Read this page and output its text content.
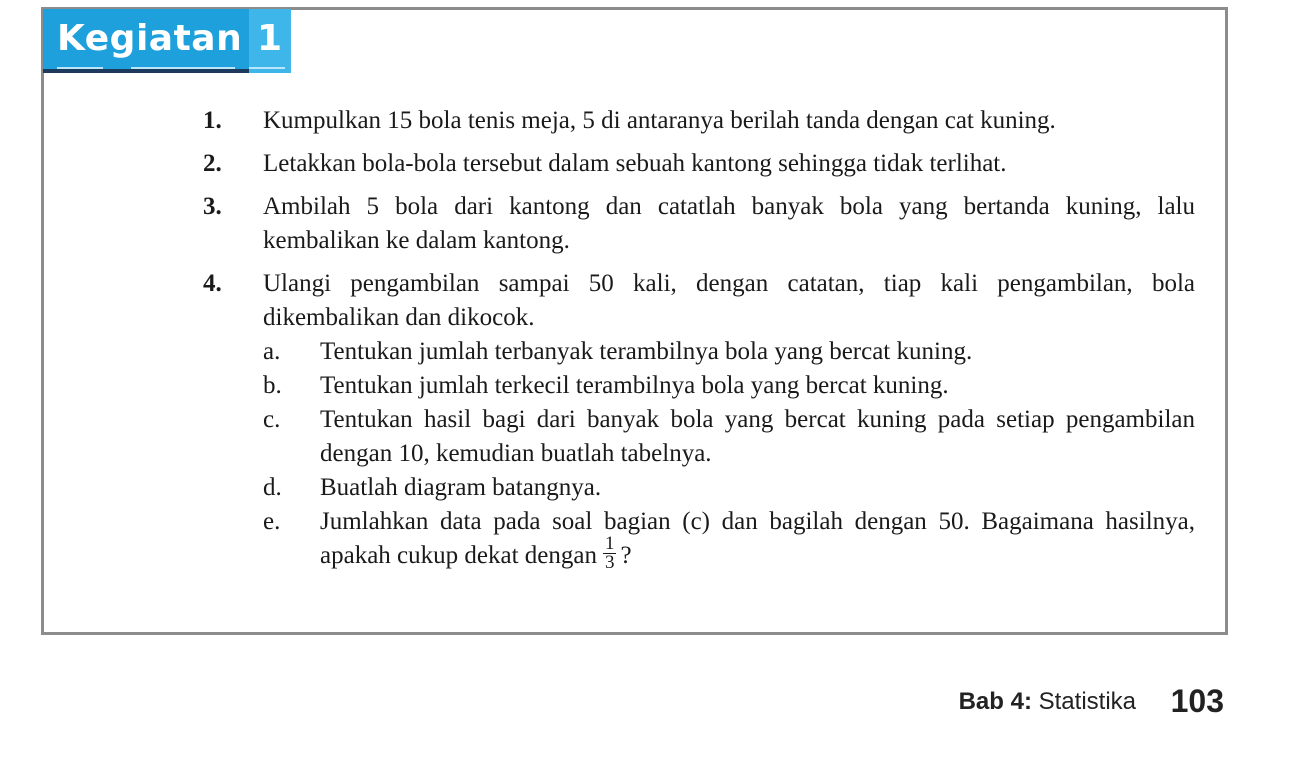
Kegiatan 1
1. Kumpulkan 15 bola tenis meja, 5 di antaranya berilah tanda dengan cat kuning.
2. Letakkan bola-bola tersebut dalam sebuah kantong sehingga tidak terlihat.
3. Ambilah 5 bola dari kantong dan catatlah banyak bola yang bertanda kuning, lalu kembalikan ke dalam kantong.
4. Ulangi pengambilan sampai 50 kali, dengan catatan, tiap kali pengambilan, bola dikembalikan dan dikocok.
a. Tentukan jumlah terbanyak terambilnya bola yang bercat kuning.
b. Tentukan jumlah terkecil terambilnya bola yang bercat kuning.
c. Tentukan hasil bagi dari banyak bola yang bercat kuning pada setiap pengambilan dengan 10, kemudian buatlah tabelnya.
d. Buatlah diagram batangnya.
e. Jumlahkan data pada soal bagian (c) dan bagilah dengan 50. Bagaimana hasilnya, apakah cukup dekat dengan $\frac{1}{3}$ ?
Bab 4: Statistika 103
